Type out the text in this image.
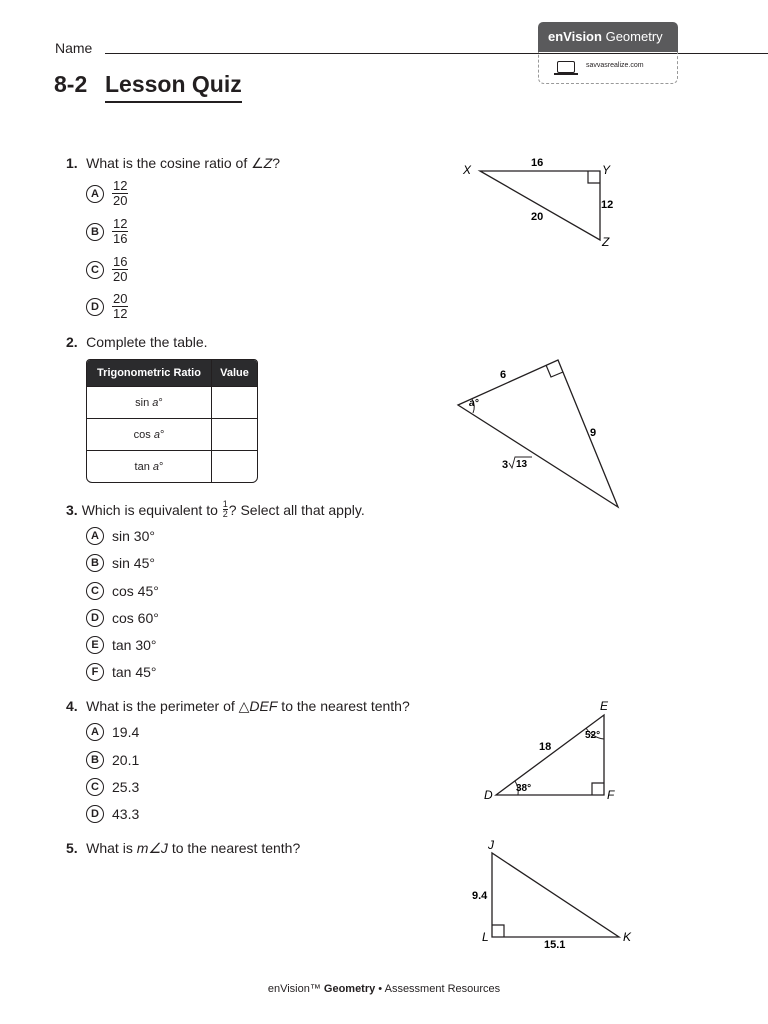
Name
8-2 Lesson Quiz
enVision Geometry
savvasrealize.com
1. What is the cosine ratio of ∠Z?
A	$\frac{12}{20}$
B	$\frac{12}{16}$
C	$\frac{16}{20}$
D	$\frac{20}{12}$
X	Y
Z
16
12
20
2. Complete the table.
Trigonometric Ratio	Value
sin a°	
cos a°	
tan a°	
a°
6
9
3 13
3. Which is equivalent to
$\frac{1}{2}$ ? Select all that apply.
A sin 30°
B sin 45°
C cos 45°
D cos 60°
E tan 30°
F tan 45°
4. What is the perimeter of △DEF to the nearest tenth?
A 19.4
B 20.1
C 25.3
D 43.3
D
E
F
18
52°
38°
5. What is m∠J to the nearest tenth?	J
L	K
9.4
15.1
enVision™ Geometry • Assessment Resources
